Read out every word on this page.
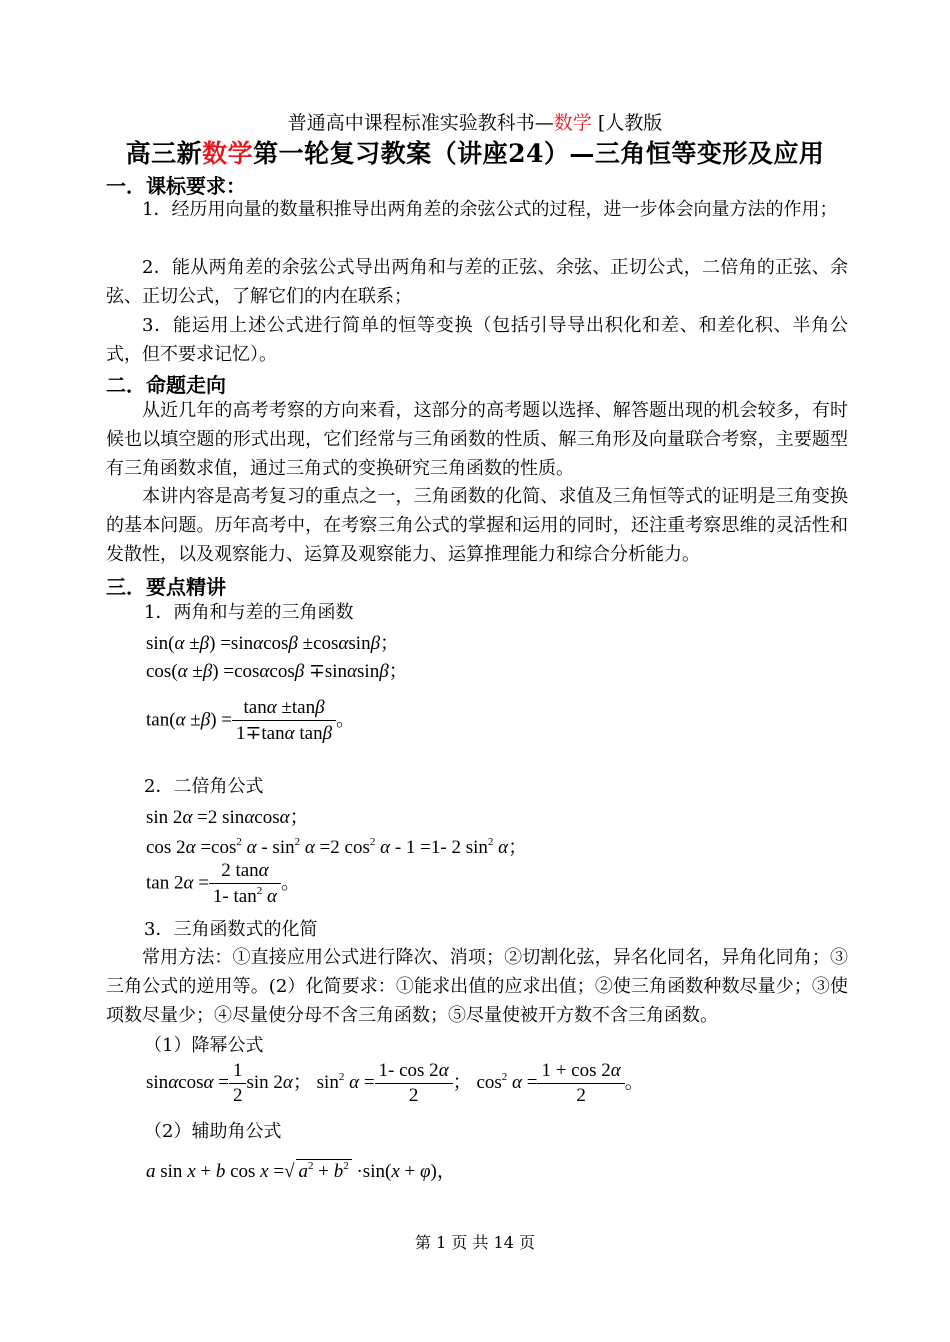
普通高中课程标准实验教科书—数学 [人教版
高三新数学第一轮复习教案（讲座24）—三角恒等变形及应用
一．课标要求：

1．经历用向量的数量积推导出两角差的余弦公式的过程，进一步体会向量方法的作用；

2．能从两角差的余弦公式导出两角和与差的正弦、余弦、正切公式，二倍角的正弦、余弦、正切公式，了解它们的内在联系；

3．能运用上述公式进行简单的恒等变换（包括引导导出积化和差、和差化积、半角公式，但不要求记忆）。

二．命题走向

从近几年的高考考察的方向来看，这部分的高考题以选择、解答题出现的机会较多，有时候也以填空题的形式出现，它们经常与三角函数的性质、解三角形及向量联合考察，主要题型有三角函数求值，通过三角式的变换研究三角函数的性质。

本讲内容是高考复习的重点之一，三角函数的化简、求值及三角恒等式的证明是三角变换的基本问题。历年高考中，在考察三角公式的掌握和运用的同时，还注重考察思维的灵活性和发散性，以及观察能力、运算及观察能力、运算推理能力和综合分析能力。

三．要点精讲
1．两角和与差的三角函数
sin(α ±β) =sinαcosβ ±cosαsinβ；
cos(α ±β) =cosαcosβ ∓sinαsinβ；
$\tan(\alpha \pm\beta) = \frac{\tan\alpha \pm\tan\beta}{\text{1∓tanα tanβ}}$ 。
2．二倍角公式
sin 2α =2 sinαcosα；
$\cos 2\alpha =\cos^2$ $\alpha - \sin^2 \alpha =2$ $\cos^2 \alpha - 1 =1-$ 2 $\sin^2 \alpha$；
$\tan 2\alpha = \frac{2 \tan\alpha}{1- \tan^2 \alpha}$ 。
3．三角函数式的化简

常用方法：①直接应用公式进行降次、消项；②切割化弦，异名化同名，异角化同角；③ 三角公式的逆用等。(2）化简要求：①能求出值的应求出值；②使三角函数种数尽量少；③使项数尽量少；④尽量使分母不含三角函数；⑤尽量使被开方数不含三角函数。

（1）降幂公式
$\sin\alpha\cos\alpha = \frac{1}{2}$ sin 2α； $\sin^2 \alpha = \frac{1- \cos 2\alpha}{2}$ ； $\cos^2 \alpha = \frac{1 + \cos 2\alpha}{2}$ 。
（2）辅助角公式
a sin x + b cos x =√ $a^2 + b^2 \cdot\sin(x + \varphi)$，
第 1 页 共 14 页
